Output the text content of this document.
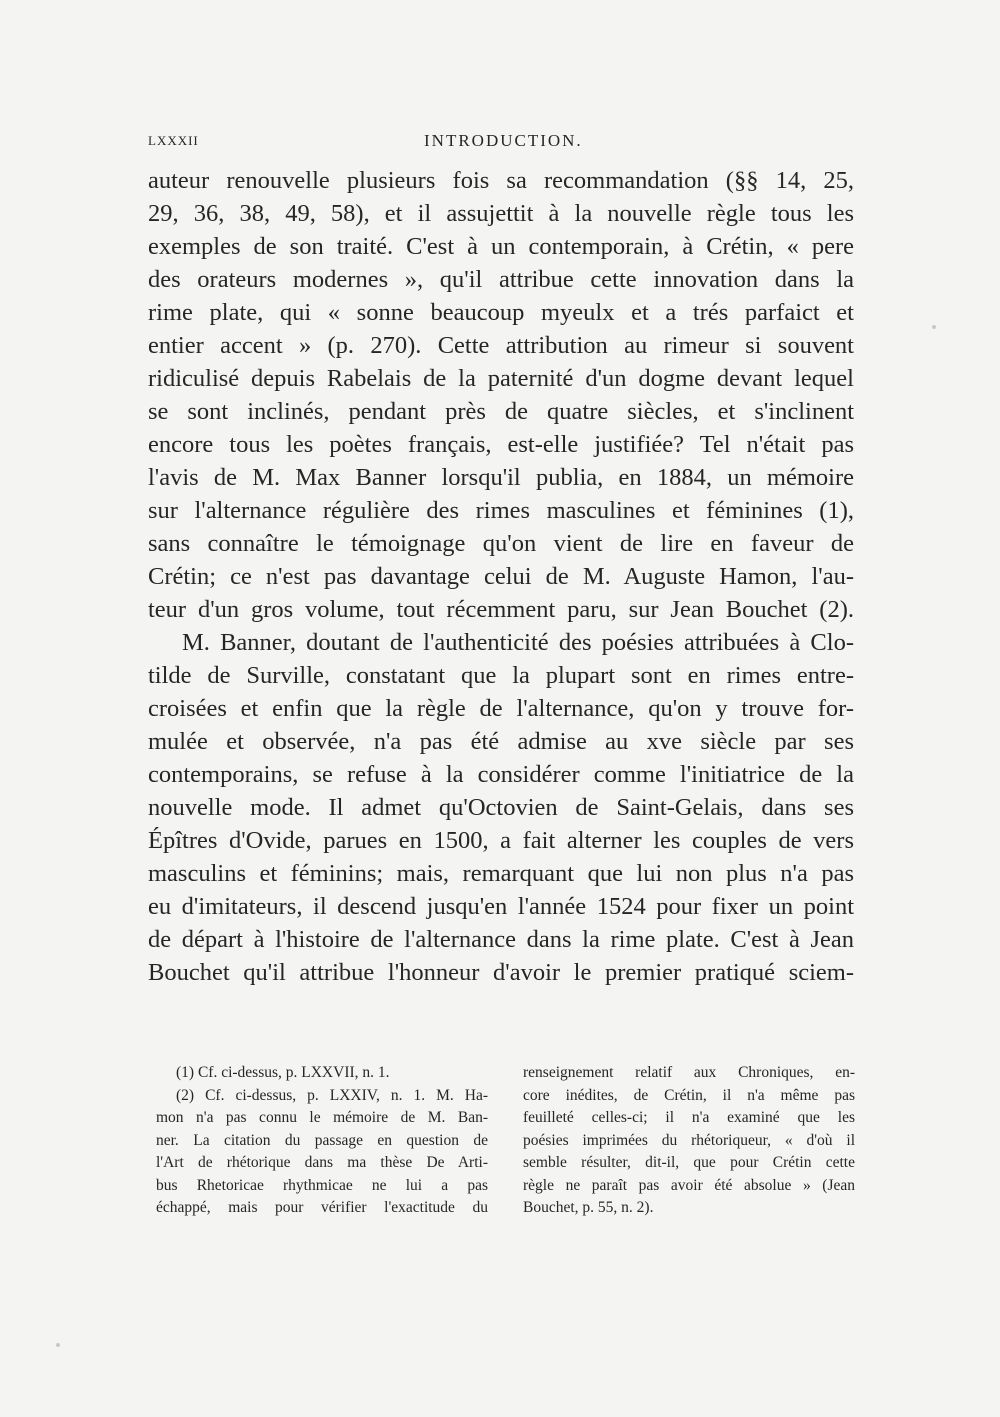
LXXXII	INTRODUCTION.
auteur renouvelle plusieurs fois sa recommandation (§§ 14, 25,
29, 36, 38, 49, 58), et il assujettit à la nouvelle règle tous les
exemples de son traité. C'est à un contemporain, à Crétin, « pere
des orateurs modernes », qu'il attribue cette innovation dans la
rime plate, qui « sonne beaucoup myeulx et a trés parfaict et
entier accent » (p. 270). Cette attribution au rimeur si souvent
ridiculisé depuis Rabelais de la paternité d'un dogme devant lequel
se sont inclinés, pendant près de quatre siècles, et s'inclinent
encore tous les poètes français, est-elle justifiée? Tel n'était pas
l'avis de M. Max Banner lorsqu'il publia, en 1884, un mémoire
sur l'alternance régulière des rimes masculines et féminines (1),
sans connaître le témoignage qu'on vient de lire en faveur de
Crétin; ce n'est pas davantage celui de M. Auguste Hamon, l'au-
teur d'un gros volume, tout récemment paru, sur Jean Bouchet (2).
M. Banner, doutant de l'authenticité des poésies attribuées à Clo-
tilde de Surville, constatant que la plupart sont en rimes entre-
croisées et enfin que la règle de l'alternance, qu'on y trouve for-
mulée et observée, n'a pas été admise au xve siècle par ses
contemporains, se refuse à la considérer comme l'initiatrice de la
nouvelle mode. Il admet qu'Octovien de Saint-Gelais, dans ses
Épîtres d'Ovide, parues en 1500, a fait alterner les couples de vers
masculins et féminins; mais, remarquant que lui non plus n'a pas
eu d'imitateurs, il descend jusqu'en l'année 1524 pour fixer un point
de départ à l'histoire de l'alternance dans la rime plate. C'est à Jean
Bouchet qu'il attribue l'honneur d'avoir le premier pratiqué sciem-
(1) Cf. ci-dessus, p. LXXVII, n. 1.
(2) Cf. ci-dessus, p. LXXIV, n. 1. M. Ha-
mon n'a pas connu le mémoire de M. Ban-
ner. La citation du passage en question de
l'Art de rhétorique dans ma thèse De Arti-
bus Rhetoricae rhythmicae ne lui a pas
échappé, mais pour vérifier l'exactitude du
renseignement relatif aux Chroniques, en-
core inédites, de Crétin, il n'a même pas
feuilleté celles-ci; il n'a examiné que les
poésies imprimées du rhétoriqueur, « d'où il
semble résulter, dit-il, que pour Crétin cette
règle ne paraît pas avoir été absolue » (Jean
Bouchet, p. 55, n. 2).
